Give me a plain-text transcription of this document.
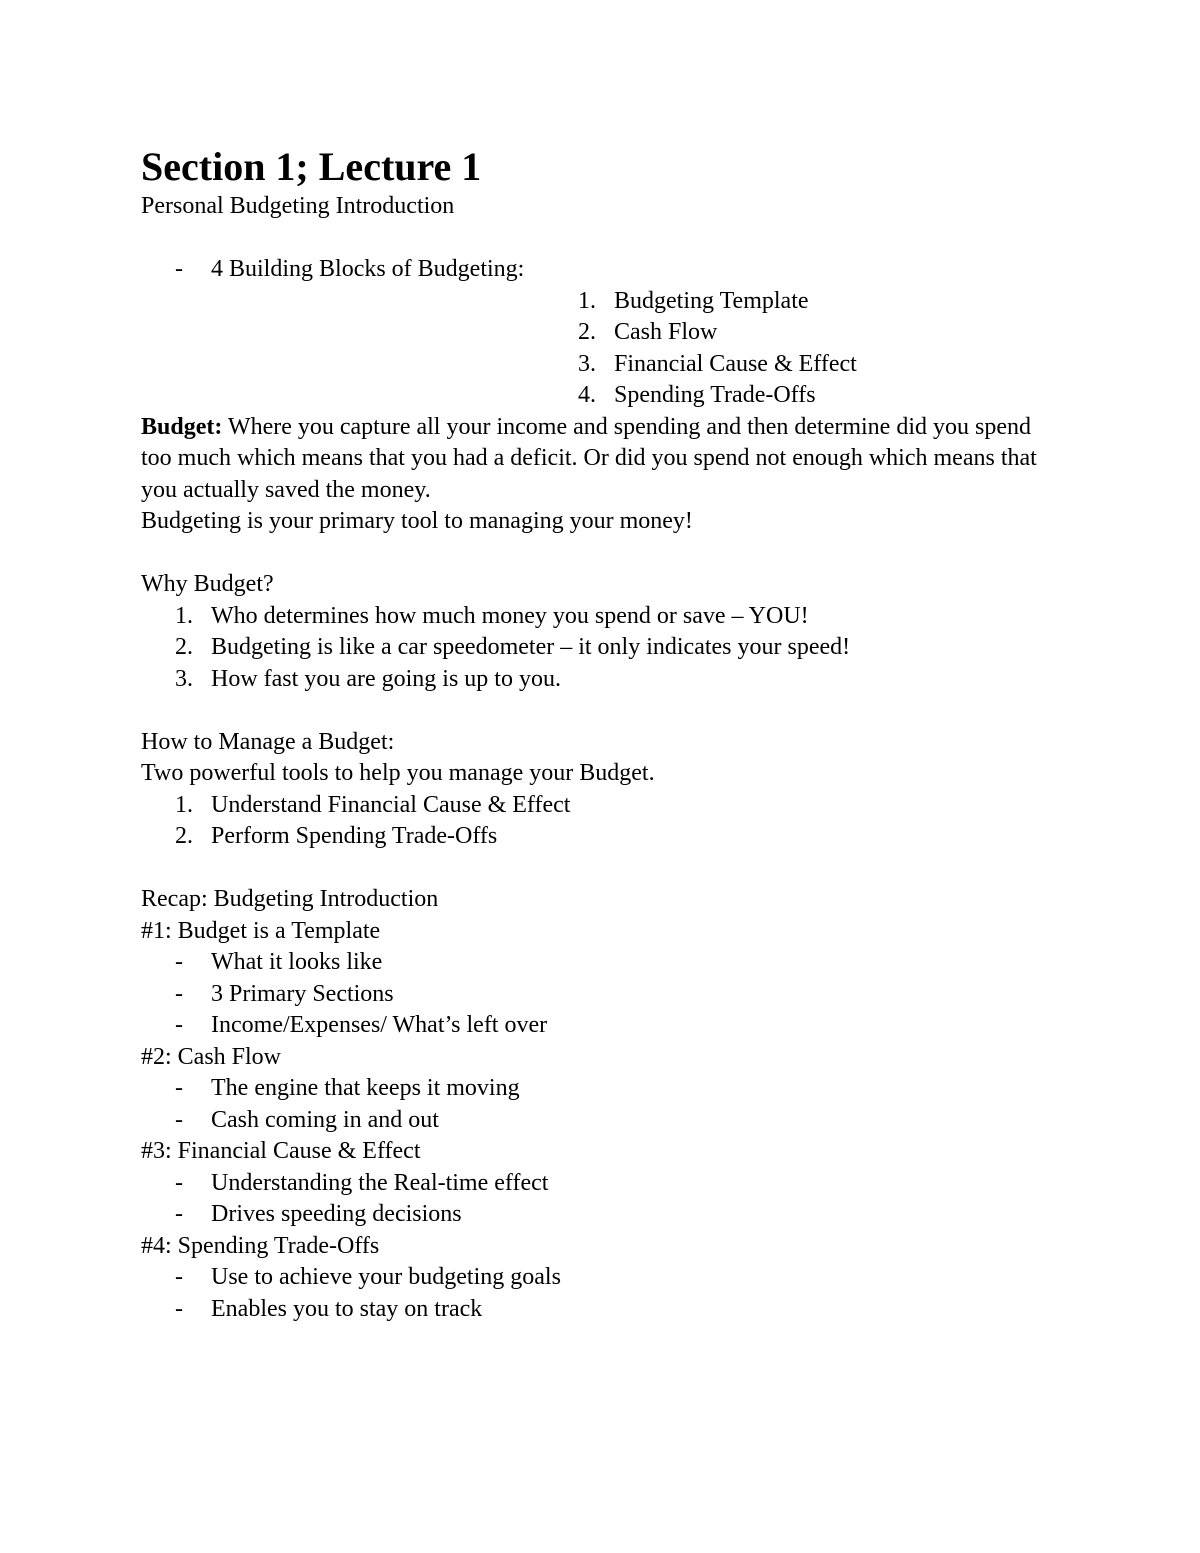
Section 1; Lecture 1

Personal Budgeting Introduction

- 4 Building Blocks of Budgeting:
1. Budgeting Template
2. Cash Flow
3. Financial Cause & Effect
4. Spending Trade-Offs

Budget: Where you capture all your income and spending and then determine did you spend too much which means that you had a deficit. Or did you spend not enough which means that you actually saved the money.

Budgeting is your primary tool to managing your money!

Why Budget?

1. Who determines how much money you spend or save – YOU!
2. Budgeting is like a car speedometer – it only indicates your speed!
3. How fast you are going is up to you.

How to Manage a Budget:

Two powerful tools to help you manage your Budget.

1. Understand Financial Cause & Effect
2. Perform Spending Trade-Offs

Recap: Budgeting Introduction

#1: Budget is a Template

- What it looks like
- 3 Primary Sections
- Income/Expenses/ What’s left over

#2: Cash Flow

- The engine that keeps it moving
- Cash coming in and out

#3: Financial Cause & Effect

- Understanding the Real-time effect
- Drives speeding decisions

#4: Spending Trade-Offs

- Use to achieve your budgeting goals
- Enables you to stay on track
